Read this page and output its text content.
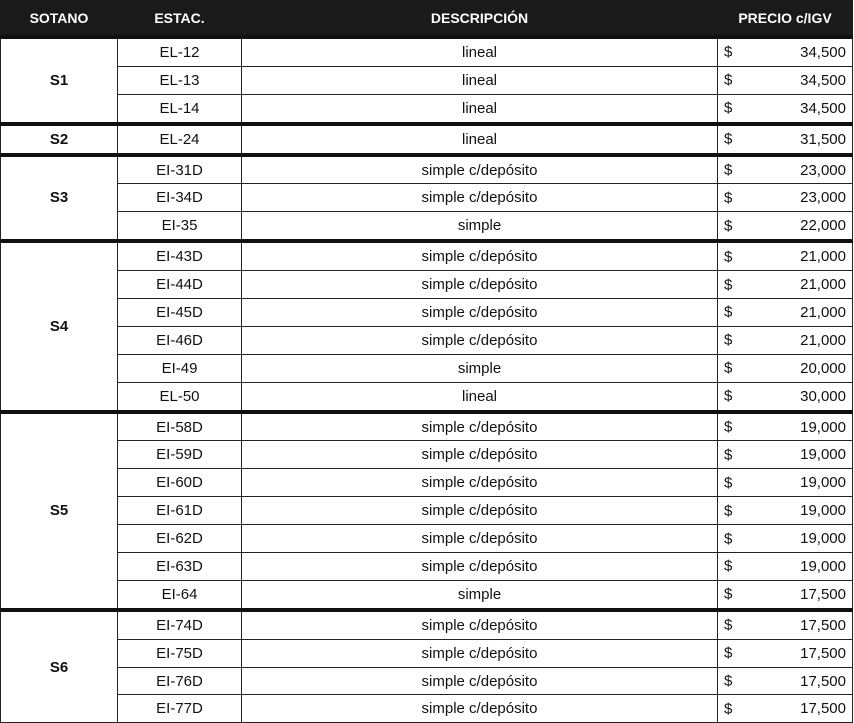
SOTANO	ESTAC.	DESCRIPCIÓN	PRECIO c/IGV
S1	EL-12	lineal	$ 34,500
	EL-13	lineal	$ 34,500
	EL-14	lineal	$ 34,500
S2	EL-24	lineal	$ 31,500
S3	EI-31D	simple c/depósito	$ 23,000
	EI-34D	simple c/depósito	$ 23,000
	EI-35	simple	$ 22,000
S4	EI-43D	simple c/depósito	$ 21,000
	EI-44D	simple c/depósito	$ 21,000
	EI-45D	simple c/depósito	$ 21,000
	EI-46D	simple c/depósito	$ 21,000
	EI-49	simple	$ 20,000
	EL-50	lineal	$ 30,000
S5	EI-58D	simple c/depósito	$ 19,000
	EI-59D	simple c/depósito	$ 19,000
	EI-60D	simple c/depósito	$ 19,000
	EI-61D	simple c/depósito	$ 19,000
	EI-62D	simple c/depósito	$ 19,000
	EI-63D	simple c/depósito	$ 19,000
	EI-64	simple	$ 17,500
S6	EI-74D	simple c/depósito	$ 17,500
	EI-75D	simple c/depósito	$ 17,500
	EI-76D	simple c/depósito	$ 17,500
	EI-77D	simple c/depósito	$ 17,500
